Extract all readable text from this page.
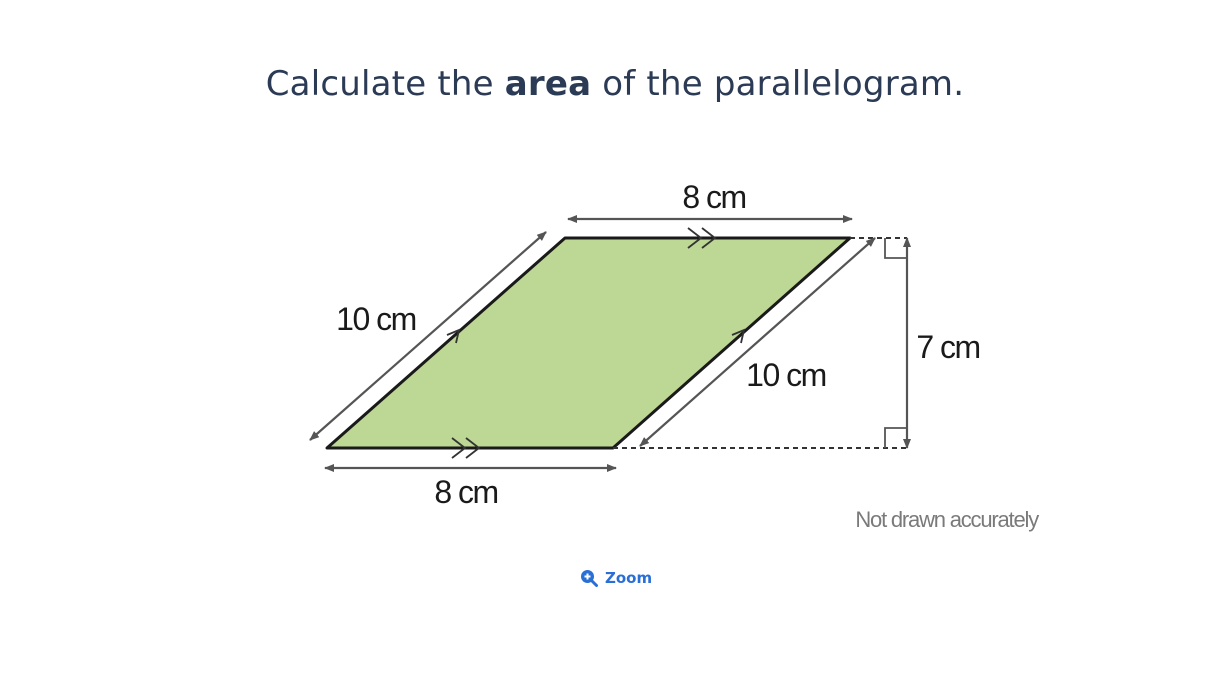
Calculate the area of the parallelogram.
8 cm
8 cm
10 cm
10 cm
7 cm
Not drawn accurately
Zoom
